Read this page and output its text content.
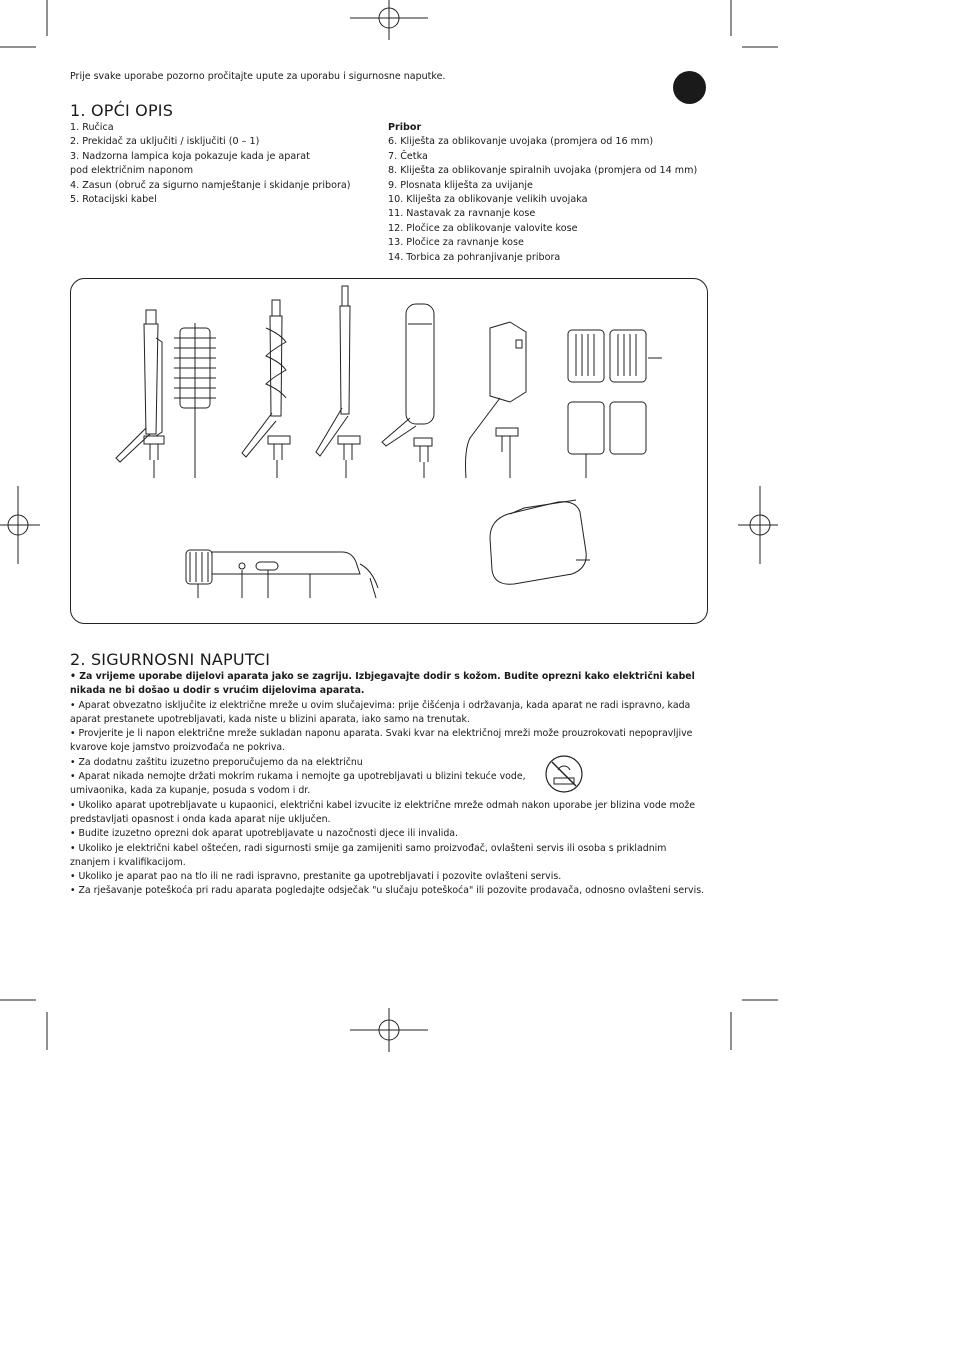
Prije svake uporabe pozorno pročitajte upute za uporabu i sigurnosne naputke.
1. OPĆI OPIS
1. Ručica
2. Prekidač za uključiti / isključiti (0 – 1)
3. Nadzorna lampica koja pokazuje kada je aparat
pod električnim naponom
4. Zasun (obruč za sigurno namještanje i skidanje pribora)
5. Rotacijski kabel
Pribor
6. Kliješta za oblikovanje uvojaka (promjera od 16 mm)
7. Četka
8. Kliješta za oblikovanje spiralnih uvojaka (promjera od 14 mm)
9. Plosnata kliješta za uvijanje
10. Kliješta za oblikovanje velikih uvojaka
11. Nastavak za ravnanje kose
12. Pločice za oblikovanje valovite kose
13. Pločice za ravnanje kose
14. Torbica za pohranjivanje pribora
2. SIGURNOSNI NAPUTCI

• Za vrijeme uporabe dijelovi aparata jako se zagriju. Izbjegavajte dodir s kožom. Budite oprezni kako električni kabel nikada ne bi došao u dodir s vrućim dijelovima aparata.

• Aparat obvezatno isključite iz električne mreže u ovim slučajevima: prije čišćenja i održavanja, kada aparat ne radi ispravno, kada aparat prestanete upotrebljavati, kada niste u blizini aparata, iako samo na trenutak.

• Provjerite je li napon električne mreže sukladan naponu aparata. Svaki kvar na električnoj mreži može prouzrokovati nepopravljive kvarove koje jamstvo proizvođača ne pokriva.

• Za dodatnu zaštitu izuzetno preporučujemo da na električnu

• Aparat nikada nemojte držati mokrim rukama i nemojte ga upotrebljavati u blizini tekuće vode,

umivaonika, kada za kupanje, posuda s vodom i dr.

• Ukoliko aparat upotrebljavate u kupaonici, električni kabel izvucite iz električne mreže odmah nakon uporabe jer blizina vode može predstavljati opasnost i onda kada aparat nije uključen.

• Budite izuzetno oprezni dok aparat upotrebljavate u nazočnosti djece ili invalida.

• Ukoliko je električni kabel oštećen, radi sigurnosti smije ga zamijeniti samo proizvođač, ovlašteni servis ili osoba s prikladnim znanjem i kvalifikacijom.

• Ukoliko je aparat pao na tlo ili ne radi ispravno, prestanite ga upotrebljavati i pozovite ovlašteni servis.

• Za rješavanje poteškoća pri radu aparata pogledajte odsječak "u slučaju poteškoća" ili pozovite prodavača, odnosno ovlašteni servis.
